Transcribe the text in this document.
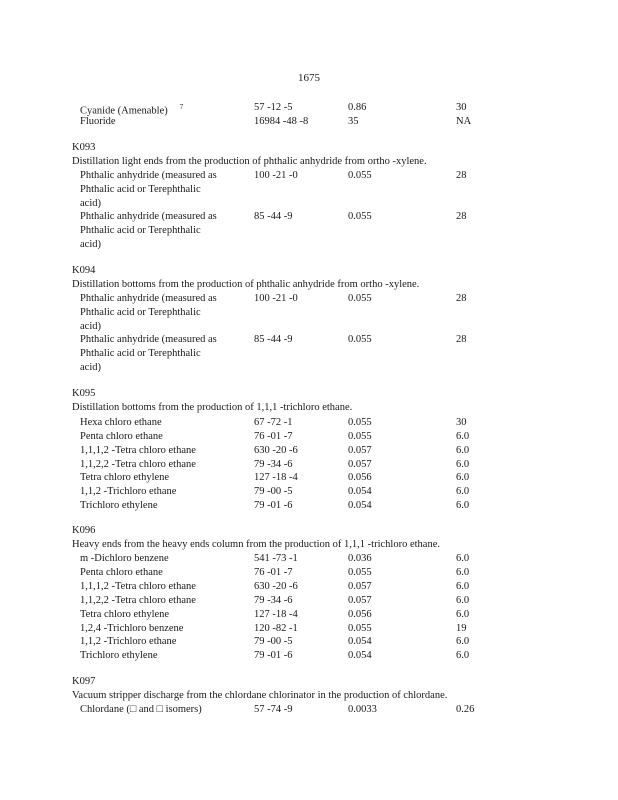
1675
Cyanide (Amenable) $^7$	57 -12 -5	0.86	30
Fluoride	16984 -48 -8	35	NA
K093
Distillation light ends from the production of phthalic anhydride from ortho -xylene.
Phthalic anhydride (measured as
Phthalic acid or Terephthalic
acid)
100 -21 -0	0.055	28
Phthalic anhydride (measured as
Phthalic acid or Terephthalic
acid)
85 -44 -9	0.055	28
K094
Distillation bottoms from the production of phthalic anhydride from ortho -xylene.
Phthalic anhydride (measured as
Phthalic acid or Terephthalic
acid)
100 -21 -0	0.055	28
Phthalic anhydride (measured as
Phthalic acid or Terephthalic
acid)
85 -44 -9	0.055	28
K095
Distillation bottoms from the production of 1,1,1 -trichloro ethane.
Hexa chloro ethane	67 -72 -1	0.055	30
Penta chloro ethane	76 -01 -7	0.055	6.0
1,1,1,2 -Tetra chloro ethane	630 -20 -6	0.057	6.0
1,1,2,2 -Tetra chloro ethane	79 -34 -6	0.057	6.0
Tetra chloro ethylene	127 -18 -4	0.056	6.0
1,1,2 -Trichloro ethane	79 -00 -5	0.054	6.0
Trichloro ethylene	79 -01 -6	0.054	6.0
K096
Heavy ends from the heavy ends column from the production of 1,1,1 -trichloro ethane.
m -Dichloro benzene	541 -73 -1	0.036	6.0
Penta chloro ethane	76 -01 -7	0.055	6.0
1,1,1,2 -Tetra chloro ethane	630 -20 -6	0.057	6.0
1,1,2,2 -Tetra chloro ethane	79 -34 -6	0.057	6.0
Tetra chloro ethylene	127 -18 -4	0.056	6.0
1,2,4 -Trichloro benzene	120 -82 -1	0.055	19
1,1,2 -Trichloro ethane	79 -00 -5	0.054	6.0
Trichloro ethylene	79 -01 -6	0.054	6.0
K097
Vacuum stripper discharge from the chlordane chlorinator in the production of chlordane.
Chlordane (□ and □ isomers)	57 -74 -9	0.0033	0.26
